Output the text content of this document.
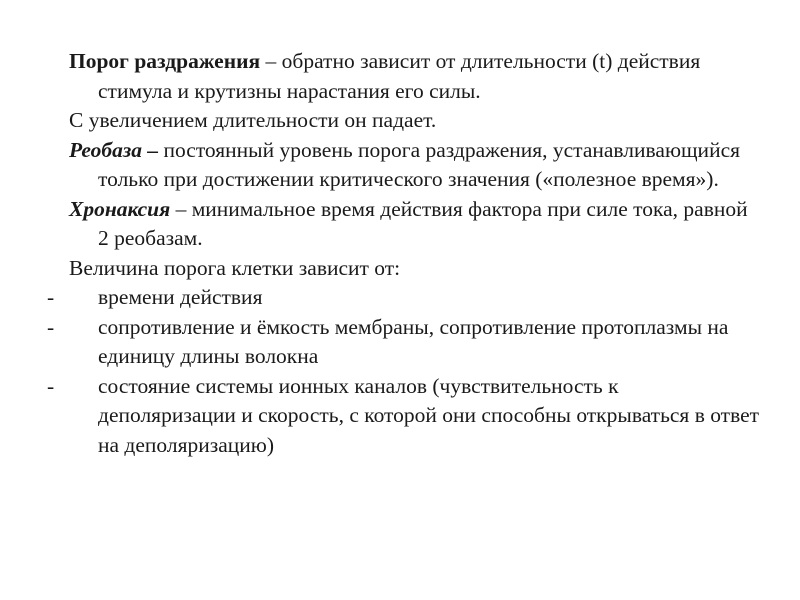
Порог раздражения – обратно зависит от длительности (t) действия стимула и крутизны нарастания его силы.

С увеличением длительности он падает.

Реобаза – постоянный уровень порога раздражения, устанавливающийся только при достижении критического значения («полезное время»).

Хронаксия – минимальное время действия фактора при силе тока, равной 2 реобазам.

Величина порога клетки зависит от:

- времени действия
- сопротивление и ёмкость мембраны, сопротивление протоплазмы на единицу длины волокна
- состояние системы ионных каналов (чувствительность к деполяризации и скорость, с которой они способны открываться в ответ на деполяризацию)
